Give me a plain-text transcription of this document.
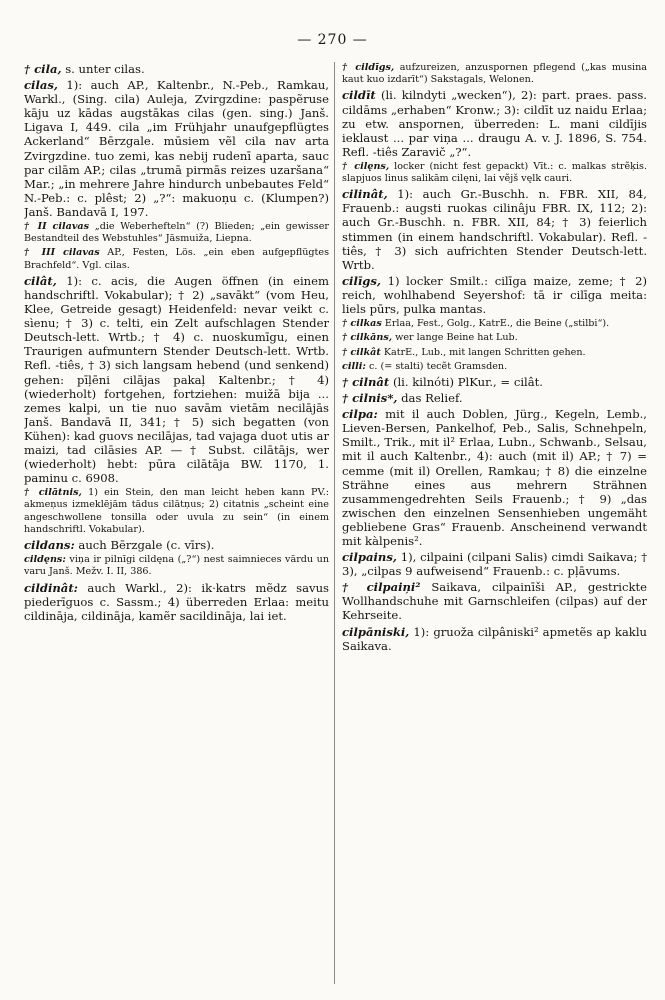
— 270 —

† cila, s. unter cilas.

cilas, 1): auch AP., Kaltenbr., N.-Peb., Ramkau, Warkl., (Sing. cila) Auleja, Zvirgzdine: paspẽruse kāju uz kādas augstākas cilas (gen. sing.) Janš. Ligava I, 449. cila „im Frühjahr unaufgepflügtes Ackerland“ Bērzgale. mūsiem vẽl cila nav arta Zvirgzdine. tuo zemi, kas nebij rudenī aparta, sauc par cilām AP.; cilas „trumā pirmās reizes uzaršana“ Mar.; „in mehrere Jahre hindurch unbebautes Feld“ N.-Peb.: c. plêst; 2) „?“: makuoņu c. (Klumpen?) Janš. Bandavā I, 197.

† II cilavas „die Weberhefteln“ (?) Blieden; „ein gewisser Bestandteil des Webstuhles“ Jāsmuiža, Liepna.

† III cilavas AP., Festen, Lös. „ein eben aufgepflügtes Brachfeld“. Vgl. cilas.

cilât, 1): c. acis, die Augen öffnen (in einem handschriftl. Vokabular); † 2) „savākt“ (vom Heu, Klee, Getreide gesagt) Heidenfeld: nevar veikt c. sìenu; † 3) c. telti, ein Zelt aufschlagen Stender Deutsch-lett. Wrtb.; † 4) c. nuoskumīgu, einen Traurigen aufmuntern Stender Deutsch-lett. Wrtb. Refl. -tiês, † 3) sich langsam hebend (und senkend) gehen: pīļēni cilājas pakaļ Kaltenbr.; † 4) (wiederholt) fortgehen, fortziehen: muižā bija ... zemes kalpi, un tie nuo savām vietām necilājās Janš. Bandavā II, 341; † 5) sich begatten (von Kühen): kad guovs necilājas, tad vajaga duot utis ar maizi, tad cilāsies AP. — † Subst. cilātājs, wer (wiederholt) hebt: pūra cilātāja BW. 1170, 1. paminu c. 6908.

† cilātnis, 1) ein Stein, den man leicht heben kann PV.: akmeņus izmeklējām tādus cilātņus; 2) citatnis „scheint eine angeschwollene tonsilla oder uvula zu sein“ (in einem handschriftl. Vokabular).

cildans: auch Bērzgale (c. vīrs).

cildęns: viņa ir pilnīgi cildęna („?“) nest saimnieces vārdu un varu Janš. Mežv. I. II, 386.

cildinât: auch Warkl., 2): ik·katrs mẽdz savus piederīguos c. Sassm.; 4) überreden Erlaa: meitu cildināja, cildināja, kamẽr sacildināja, lai iet.

† cildīgs, aufzureizen, anzuspornen pflegend („kas musina kaut kuo izdarīt“) Sakstagals, Welonen.

cildīt (li. kilndyti „wecken“), 2): part. praes. pass. cildāms „erhaben“ Kronw.; 3): cildīt uz naidu Erlaa; zu etw. anspornen, überreden: L. mani cildījis ieklaust ... par viņa ... draugu A. v. J. 1896, S. 754. Refl. -tiês Zaravič „?“.

† cilęns, locker (nicht fest gepackt) Vīt.: c. malkas strẽķis. slapjuos linus salikām cilęni, lai vẽjš vęlk cauri.

cilinât, 1): auch Gr.-Buschh. n. FBR. XII, 84, Frauenb.: augsti ruokas cilinâju FBR. IX, 112; 2): auch Gr.-Buschh. n. FBR. XII, 84; † 3) feierlich stimmen (in einem handschriftl. Vokabular). Refl. -tiês, † 3) sich aufrichten Stender Deutsch-lett. Wrtb.

cilīgs, 1) locker Smilt.: cilīga maize, zeme; † 2) reich, wohlhabend Seyershof: tā ir cilīga meita: liels pūrs, pulka mantas.

† cilkas Erlaa, Fest., Golg., KatrE., die Beine („stilbi“).

† cilkāns, wer lange Beine hat Lub.

† cilkât KatrE., Lub., mit langen Schritten gehen.

cilli: c. (= stalti) tecẽt Gramsden.

† cilnât (li. kilnóti) PlKur., = cilât.

† cilnis*, das Relief.

cilpa: mit il auch Doblen, Jürg., Kegeln, Lemb., Lieven-Bersen, Pankelhof, Peb., Salis, Schnehpeln, Smilt., Trik., mit il² Erlaa, Lubn., Schwanb., Selsau, mit il auch Kaltenbr., 4): auch (mit il) AP.; † 7) = cemme (mit il) Orellen, Ramkau; † 8) die einzelne Strähne eines aus mehrern Strähnen zusammengedrehten Seils Frauenb.; † 9) „das zwischen den einzelnen Sensenhieben ungemäht gebliebene Gras“ Frauenb. Anscheinend verwandt mit kàlpenis².

cilpains, 1), cilpaini (cilpani Salis) cimdi Saikava; † 3), „cilpas 9 aufweisend“ Frauenb.: c. pļāvums.

† cilpaiņi² Saikava, cilpainīši AP., gestrickte Wollhandschuhe mit Garnschleifen (cilpas) auf der Kehrseite.

cilpāniski, 1): gruoža cilpâniski² apmetẽs ap kaklu Saikava.
